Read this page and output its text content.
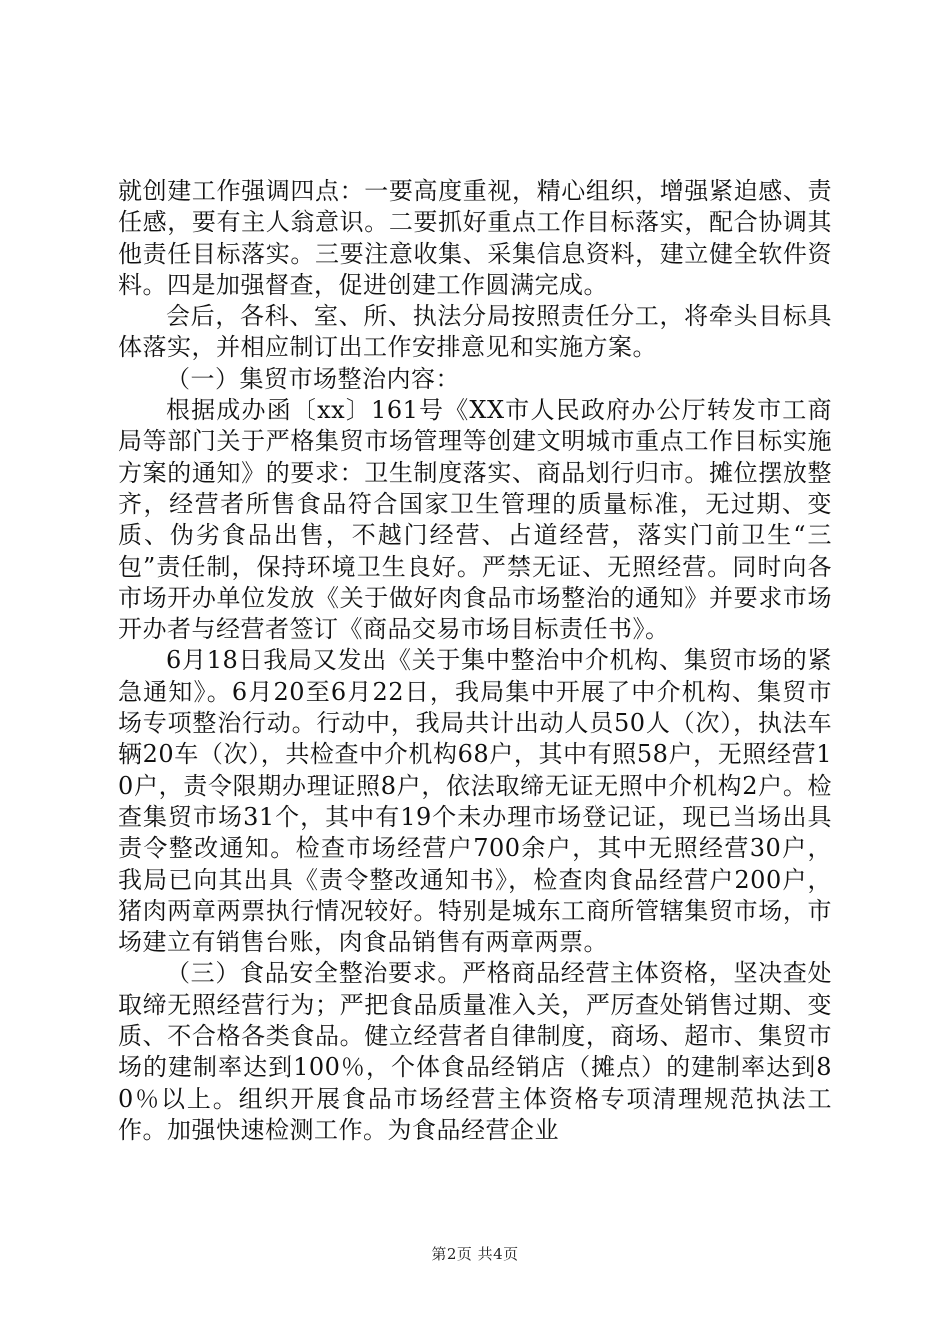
就创建工作强调四点：一要高度重视，精心组织，增强紧迫感、责任感，要有主人翁意识。二要抓好重点工作目标落实，配合协调其他责任目标落实。三要注意收集、采集信息资料，建立健全软件资料。四是加强督查，促进创建工作圆满完成。

会后，各科、室、所、执法分局按照责任分工，将牵头目标具体落实，并相应制订出工作安排意见和实施方案。

（一）集贸市场整治内容：

根据成办函〔xx〕161号《XX市人民政府办公厅转发市工商局等部门关于严格集贸市场管理等创建文明城市重点工作目标实施方案的通知》的要求：卫生制度落实、商品划行归市。摊位摆放整齐，经营者所售食品符合国家卫生管理的质量标准，无过期、变质、伪劣食品出售，不越门经营、占道经营，落实门前卫生“三包”责任制，保持环境卫生良好。严禁无证、无照经营。同时向各市场开办单位发放《关于做好肉食品市场整治的通知》并要求市场开办者与经营者签订《商品交易市场目标责任书》。

6月18日我局又发出《关于集中整治中介机构、集贸市场的紧急通知》。6月20至6月22日，我局集中开展了中介机构、集贸市场专项整治行动。行动中，我局共计出动人员50人（次），执法车辆20车（次），共检查中介机构68户，其中有照58户，无照经营10户，责令限期办理证照8户，依法取缔无证无照中介机构2户。检查集贸市场31个，其中有19个未办理市场登记证，现已当场出具责令整改通知。检查市场经营户700余户，其中无照经营30户，我局已向其出具《责令整改通知书》，检查肉食品经营户200户，猪肉两章两票执行情况较好。特别是城东工商所管辖集贸市场，市场建立有销售台账，肉食品销售有两章两票。

（三）食品安全整治要求。严格商品经营主体资格，坚决查处取缔无照经营行为；严把食品质量准入关，严厉查处销售过期、变质、不合格各类食品。健立经营者自律制度，商场、超市、集贸市场的建制率达到100％，个体食品经销店（摊点）的建制率达到80％以上。组织开展食品市场经营主体资格专项清理规范执法工作。加强快速检测工作。为食品经营企业

第2页 共4页
